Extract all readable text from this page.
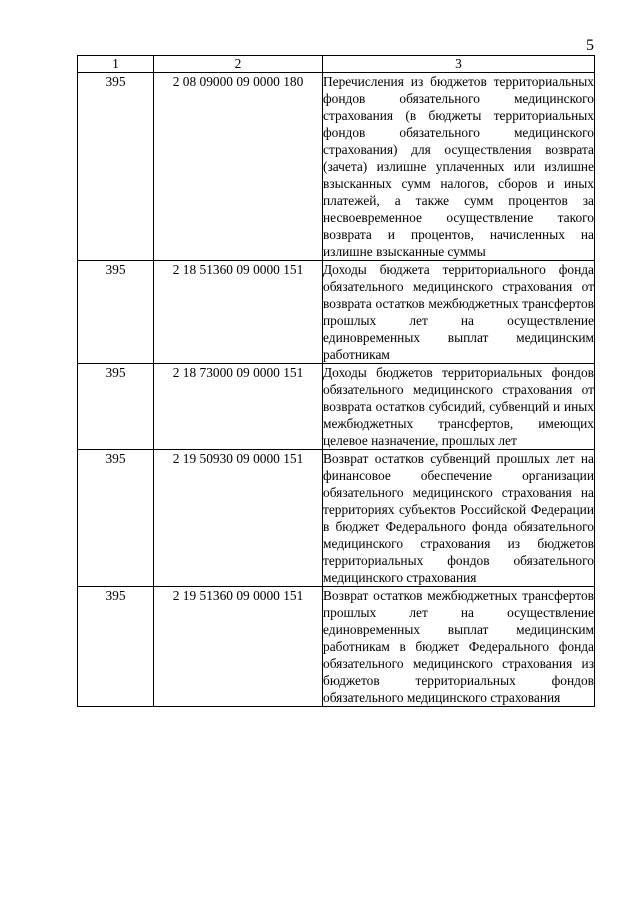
5
1	2	3
395	2 08 09000 09 0000 180	Перечисления из бюджетов территориальных фондов обязательного медицинского страхования (в бюджеты территориальных фондов обязательного медицинского страхования) для осуществления возврата (зачета) излишне уплаченных или излишне взысканных сумм налогов, сборов и иных платежей, а также сумм процентов за несвоевременное осуществление такого возврата и процентов, начисленных на излишне взысканные суммы
395	2 18 51360 09 0000 151	Доходы бюджета территориального фонда обязательного медицинского страхования от возврата остатков межбюджетных трансфертов прошлых лет на осуществление единовременных выплат медицинским работникам
395	2 18 73000 09 0000 151	Доходы бюджетов территориальных фондов обязательного медицинского страхования от возврата остатков субсидий, субвенций и иных межбюджетных трансфертов, имеющих целевое назначение, прошлых лет
395	2 19 50930 09 0000 151	Возврат остатков субвенций прошлых лет на финансовое обеспечение организации обязательного медицинского страхования на территориях субъектов Российской Федерации в бюджет Федерального фонда обязательного медицинского страхования из бюджетов территориальных фондов обязательного медицинского страхования
395	2 19 51360 09 0000 151	Возврат остатков межбюджетных трансфертов прошлых лет на осуществление единовременных выплат медицинским работникам в бюджет Федерального фонда обязательного медицинского страхования из бюджетов территориальных фондов обязательного медицинского страхования
